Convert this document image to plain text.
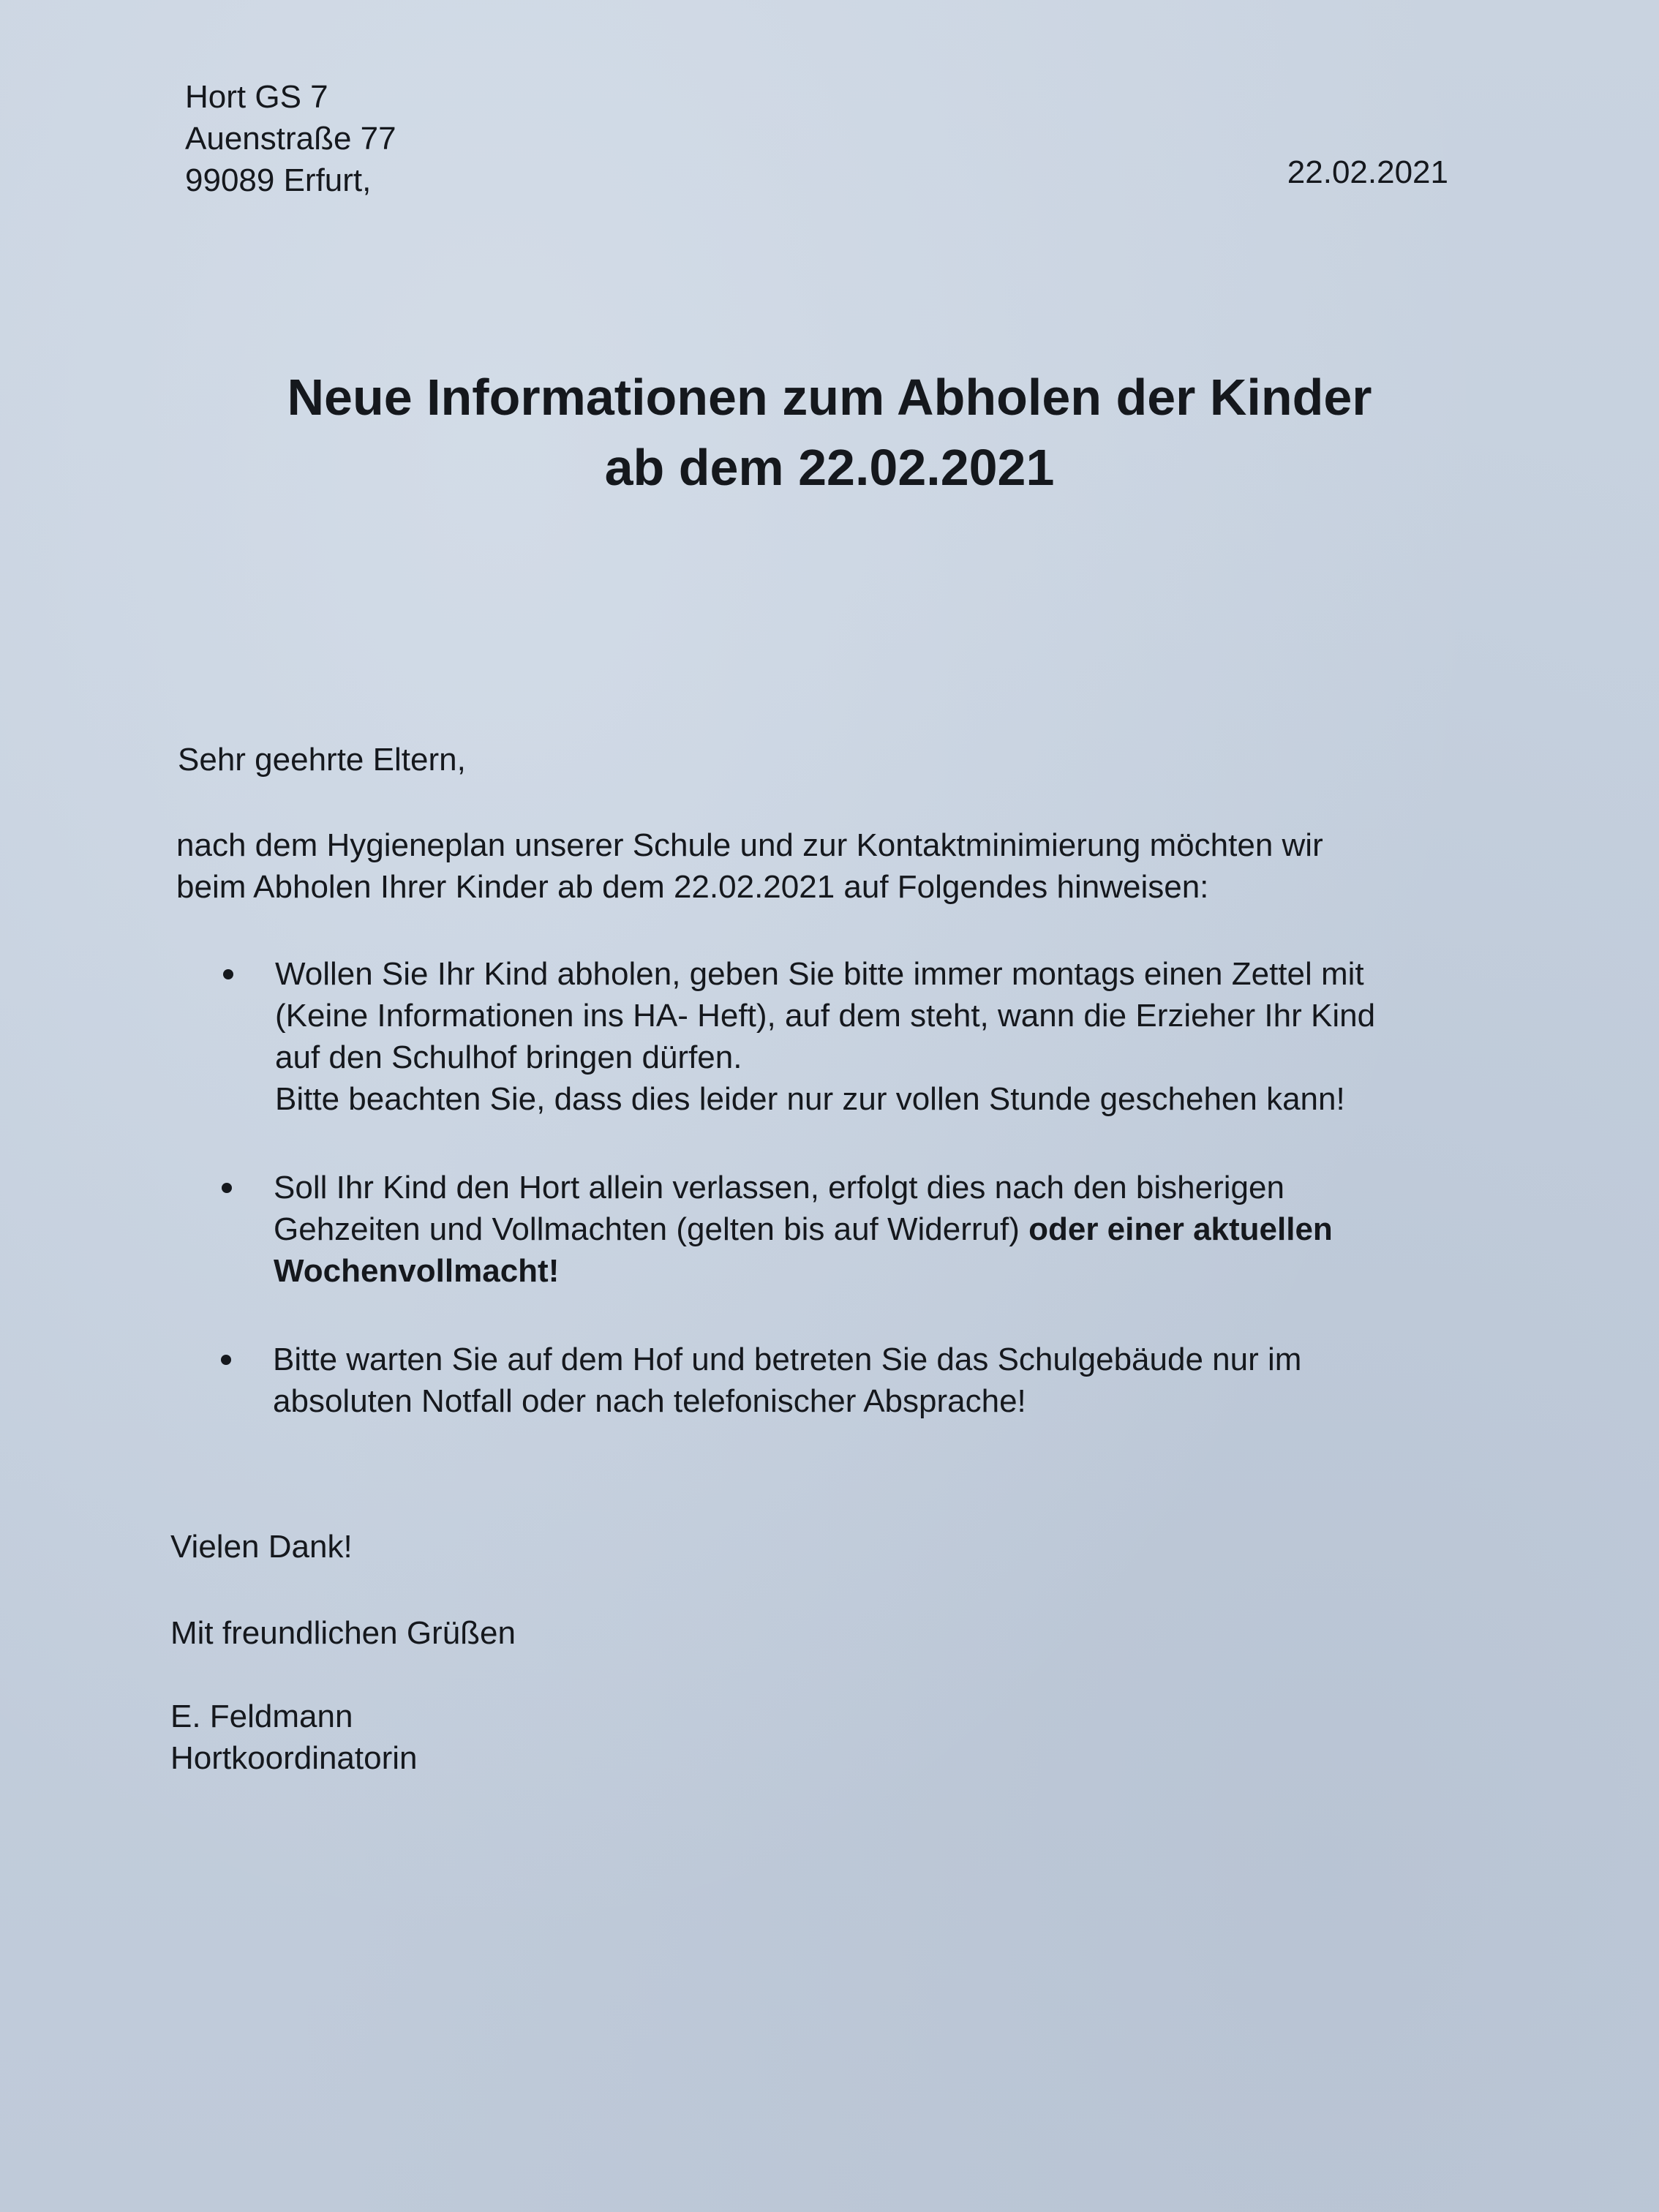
Hort GS 7
Auenstraße 77
99089 Erfurt,	22.02.2021
Neue Informationen zum Abholen der Kinder
ab dem 22.02.2021
Sehr geehrte Eltern,
nach dem Hygieneplan unserer Schule und zur Kontaktminimierung möchten wir
beim Abholen Ihrer Kinder ab dem 22.02.2021 auf Folgendes hinweisen:
Wollen Sie Ihr Kind abholen, geben Sie bitte immer montags einen Zettel mit
(Keine Informationen ins HA- Heft), auf dem steht, wann die Erzieher Ihr Kind
auf den Schulhof bringen dürfen.
Bitte beachten Sie, dass dies leider nur zur vollen Stunde geschehen kann!
Soll Ihr Kind den Hort allein verlassen, erfolgt dies nach den bisherigen
Gehzeiten und Vollmachten (gelten bis auf Widerruf) oder einer aktuellen
Wochenvollmacht!
Bitte warten Sie auf dem Hof und betreten Sie das Schulgebäude nur im
absoluten Notfall oder nach telefonischer Absprache!
Vielen Dank!
Mit freundlichen Grüßen
E. Feldmann
Hortkoordinatorin
